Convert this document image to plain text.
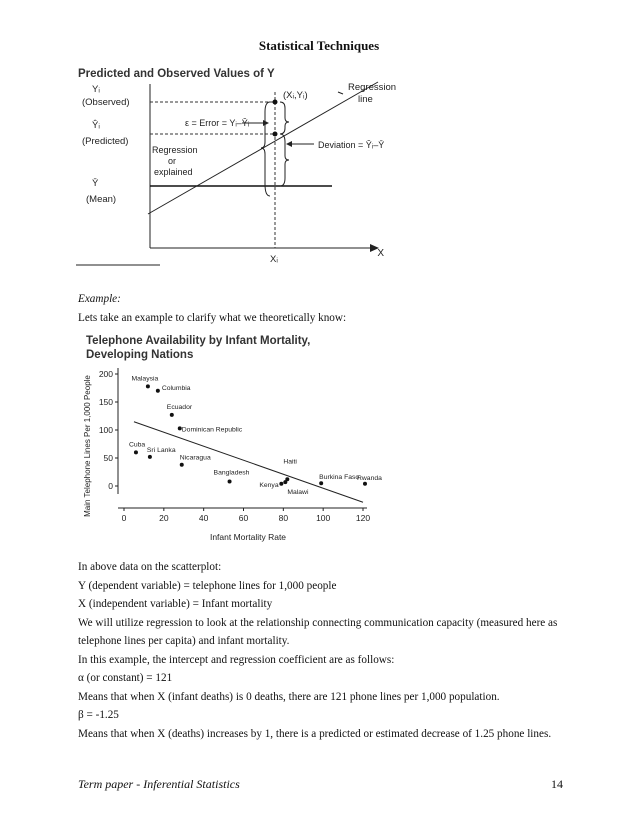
Statistical Techniques
Predicted and Observed Values of Y
Yᵢ
(Observed)
Ŷᵢ
(Predicted)
Ȳ
(Mean)
(Xᵢ,Yᵢ)
Regression
line
ε = Error = Yᵢ–Ŷᵢ
Deviation = Ŷᵢ–Ȳ
Regression
or
explained
X
Xᵢ

Example:

Lets take an example to clarify what we theoretically know:

Telephone Availability by Infant Mortality,
Developing Nations
Main Telephone Lines Per 1,000 People
Infant Mortality Rate
0
50
100
150
200
0	20	40	60	80	100	120
Malaysia
Columbia
Ecuador
Dominican Republic
Cuba
Sri Lanka
Nicaragua
Bangladesh
Haiti
Kenya
Malawi
Burkina Faso
Rwanda

In above data on the scatterplot:

Y (dependent variable) = telephone lines for 1,000 people

X (independent variable) = Infant mortality

We will utilize regression to look at the relationship connecting communication capacity (measured here as

telephone lines per capita) and infant mortality.

In this example, the intercept and regression coefficient are as follows:

α (or constant) = 121

Means that when X (infant deaths) is 0 deaths, there are 121 phone lines per 1,000 population.

β = -1.25

Means that when X (deaths) increases by 1, there is a predicted or estimated decrease of 1.25 phone lines.

Term paper - Inferential Statistics	14
